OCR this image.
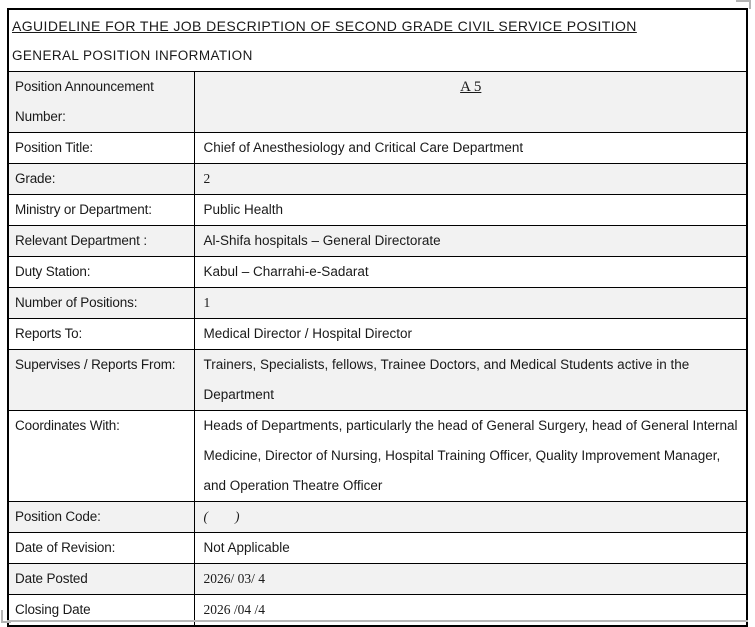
AGUIDELINE FOR THE JOB DESCRIPTION OF SECOND GRADE CIVIL SERVICE POSITION
GENERAL POSITION INFORMATION	

Position Announcement Number:	A 5
Position Title:	Chief of Anesthesiology and Critical Care Department
Grade:	2
Ministry or Department:	Public Health
Relevant Department :	Al-Shifa hospitals – General Directorate
Duty Station:	Kabul – Charrahi-e-Sadarat
Number of Positions:	1
Reports To:	Medical Director / Hospital Director
Supervises / Reports From:	Trainers, Specialists, fellows, Trainee Doctors, and Medical Students active in the Department
Coordinates With:	Heads of Departments, particularly the head of General Surgery, head of General Internal Medicine, Director of Nursing, Hospital Training Officer, Quality Improvement Manager, and Operation Theatre Officer
Position Code:	(        )
Date of Revision:	Not Applicable
Date Posted	2026/ 03/ 4
Closing Date	2026 /04 /4
